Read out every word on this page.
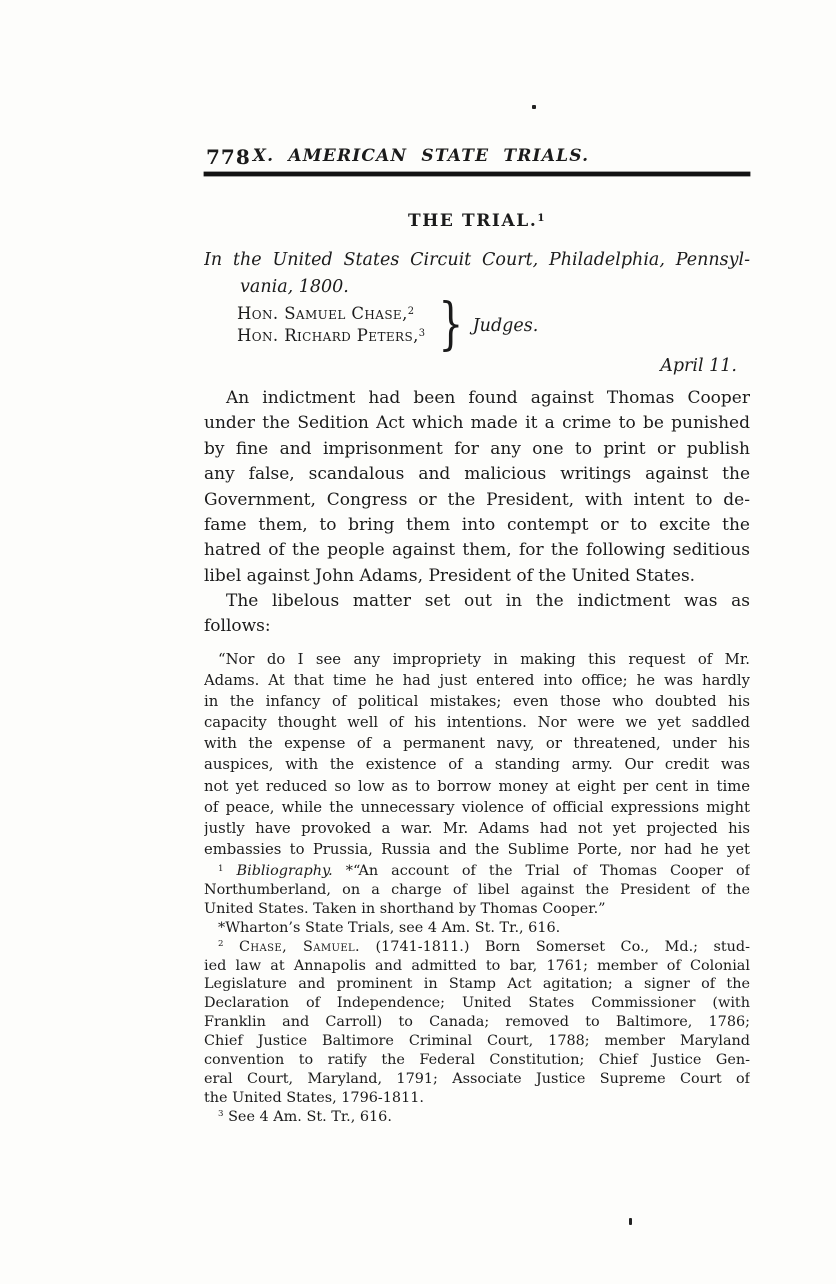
778 X. AMERICAN STATE TRIALS.
THE TRIAL.$^1$
In the United States Circuit Court, Philadelphia, Pennsyl-
vania, 1800.
Hon. Samuel Chase,$^2$
Hon. Richard Peters,$^3$ } Judges.
April 11.
An indictment had been found against Thomas Cooper
under the Sedition Act which made it a crime to be punished
by fine and imprisonment for any one to print or publish
any false, scandalous and malicious writings against the
Government, Congress or the President, with intent to de-
fame them, to bring them into contempt or to excite the
hatred of the people against them, for the following seditious
libel against John Adams, President of the United States.
The libelous matter set out in the indictment was as
follows:
“Nor do I see any impropriety in making this request of Mr.
Adams. At that time he had just entered into office; he was hardly
in the infancy of political mistakes; even those who doubted his
capacity thought well of his intentions. Nor were we yet saddled
with the expense of a permanent navy, or threatened, under his
auspices, with the existence of a standing army. Our credit was
not yet reduced so low as to borrow money at eight per cent in time
of peace, while the unnecessary violence of official expressions might
justly have provoked a war. Mr. Adams had not yet projected his
embassies to Prussia, Russia and the Sublime Porte, nor had he yet
$^1$ Bibliography. *“An account of the Trial of Thomas Cooper of
Northumberland, on a charge of libel against the President of the
United States. Taken in shorthand by Thomas Cooper.”
*Wharton’s State Trials, see 4 Am. St. Tr., 616.
$^2$ Chase, Samuel. (1741-1811.) Born Somerset Co., Md.; stud-
ied law at Annapolis and admitted to bar, 1761; member of Colonial
Legislature and prominent in Stamp Act agitation; a signer of the
Declaration of Independence; United States Commissioner (with
Franklin and Carroll) to Canada; removed to Baltimore, 1786;
Chief Justice Baltimore Criminal Court, 1788; member Maryland
convention to ratify the Federal Constitution; Chief Justice Gen-
eral Court, Maryland, 1791; Associate Justice Supreme Court of
the United States, 1796-1811.
$^3$ See 4 Am. St. Tr., 616.
